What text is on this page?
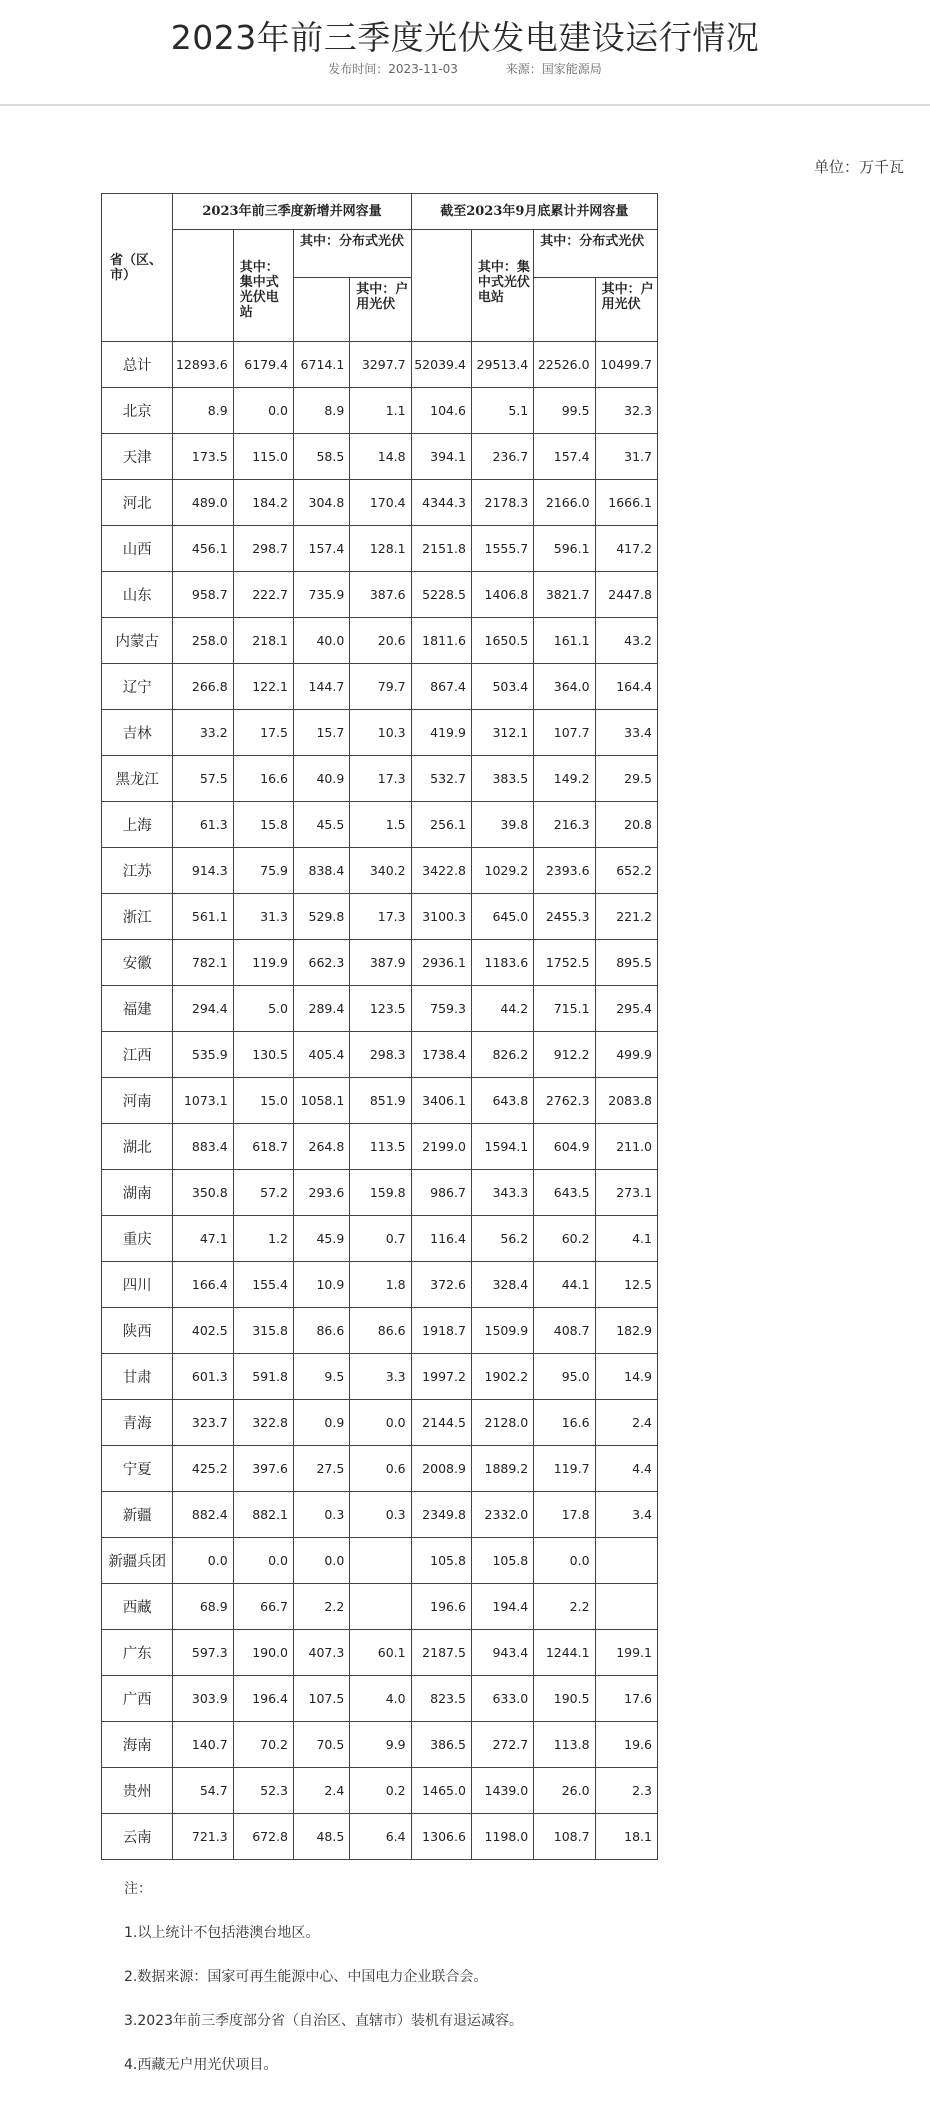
2023年前三季度光伏发电建设运行情况
发布时间：2023-11-03	来源：国家能源局
单位：万千瓦
省（区、市）	2023年前三季度新增并网容量				截至2023年9月底累计并网容量			
		其中：集中式光伏电站	其中：分布式光伏			其中：集中式光伏电站	其中：分布式光伏	
				其中：户用光伏				其中：户用光伏
总计	12893.6	6179.4	6714.1	3297.7	52039.4	29513.4	22526.0	10499.7
北京	8.9	0.0	8.9	1.1	104.6	5.1	99.5	32.3
天津	173.5	115.0	58.5	14.8	394.1	236.7	157.4	31.7
河北	489.0	184.2	304.8	170.4	4344.3	2178.3	2166.0	1666.1
山西	456.1	298.7	157.4	128.1	2151.8	1555.7	596.1	417.2
山东	958.7	222.7	735.9	387.6	5228.5	1406.8	3821.7	2447.8
内蒙古	258.0	218.1	40.0	20.6	1811.6	1650.5	161.1	43.2
辽宁	266.8	122.1	144.7	79.7	867.4	503.4	364.0	164.4
吉林	33.2	17.5	15.7	10.3	419.9	312.1	107.7	33.4
黑龙江	57.5	16.6	40.9	17.3	532.7	383.5	149.2	29.5
上海	61.3	15.8	45.5	1.5	256.1	39.8	216.3	20.8
江苏	914.3	75.9	838.4	340.2	3422.8	1029.2	2393.6	652.2
浙江	561.1	31.3	529.8	17.3	3100.3	645.0	2455.3	221.2
安徽	782.1	119.9	662.3	387.9	2936.1	1183.6	1752.5	895.5
福建	294.4	5.0	289.4	123.5	759.3	44.2	715.1	295.4
江西	535.9	130.5	405.4	298.3	1738.4	826.2	912.2	499.9
河南	1073.1	15.0	1058.1	851.9	3406.1	643.8	2762.3	2083.8
湖北	883.4	618.7	264.8	113.5	2199.0	1594.1	604.9	211.0
湖南	350.8	57.2	293.6	159.8	986.7	343.3	643.5	273.1
重庆	47.1	1.2	45.9	0.7	116.4	56.2	60.2	4.1
四川	166.4	155.4	10.9	1.8	372.6	328.4	44.1	12.5
陕西	402.5	315.8	86.6	86.6	1918.7	1509.9	408.7	182.9
甘肃	601.3	591.8	9.5	3.3	1997.2	1902.2	95.0	14.9
青海	323.7	322.8	0.9	0.0	2144.5	2128.0	16.6	2.4
宁夏	425.2	397.6	27.5	0.6	2008.9	1889.2	119.7	4.4
新疆	882.4	882.1	0.3	0.3	2349.8	2332.0	17.8	3.4
新疆兵团	0.0	0.0	0.0		105.8	105.8	0.0	
西藏	68.9	66.7	2.2		196.6	194.4	2.2	
广东	597.3	190.0	407.3	60.1	2187.5	943.4	1244.1	199.1
广西	303.9	196.4	107.5	4.0	823.5	633.0	190.5	17.6
海南	140.7	70.2	70.5	9.9	386.5	272.7	113.8	19.6
贵州	54.7	52.3	2.4	0.2	1465.0	1439.0	26.0	2.3
云南	721.3	672.8	48.5	6.4	1306.6	1198.0	108.7	18.1
注：
1.以上统计不包括港澳台地区。
2.数据来源：国家可再生能源中心、中国电力企业联合会。
3.2023年前三季度部分省（自治区、直辖市）装机有退运减容。
4.西藏无户用光伏项目。
